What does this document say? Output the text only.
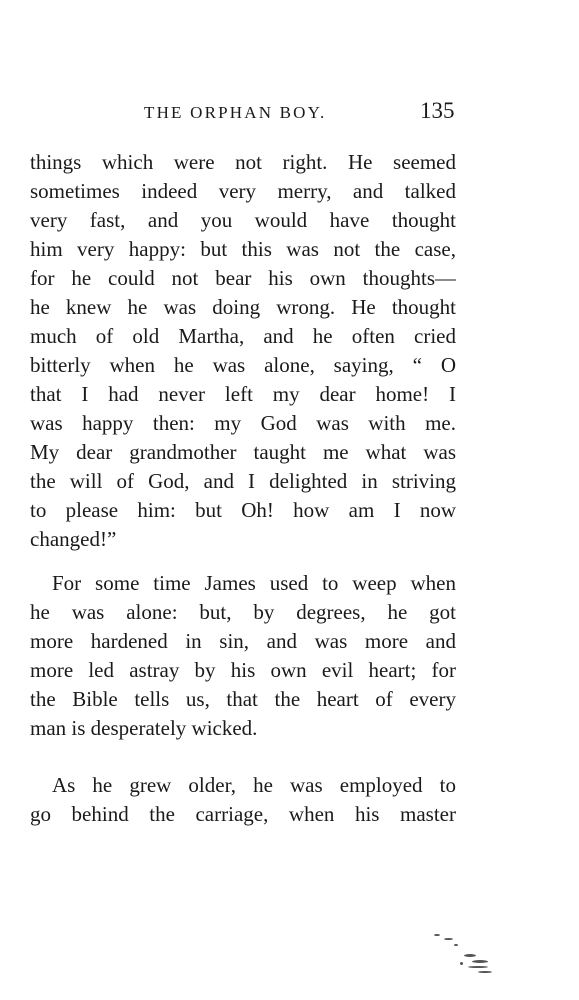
THE ORPHAN BOY.	135
things which were not right. He seemed
sometimes indeed very merry, and talked
very fast, and you would have thought
him very happy: but this was not the case,
for he could not bear his own thoughts—
he knew he was doing wrong. He thought
much of old Martha, and he often cried
bitterly when he was alone, saying, “ O
that I had never left my dear home! I
was happy then: my God was with me.
My dear grandmother taught me what was
the will of God, and I delighted in striving
to please him: but Oh! how am I now
changed!”
For some time James used to weep when
he was alone: but, by degrees, he got
more hardened in sin, and was more and
more led astray by his own evil heart; for
the Bible tells us, that the heart of every
man is desperately wicked.
As he grew older, he was employed to
go behind the carriage, when his master
